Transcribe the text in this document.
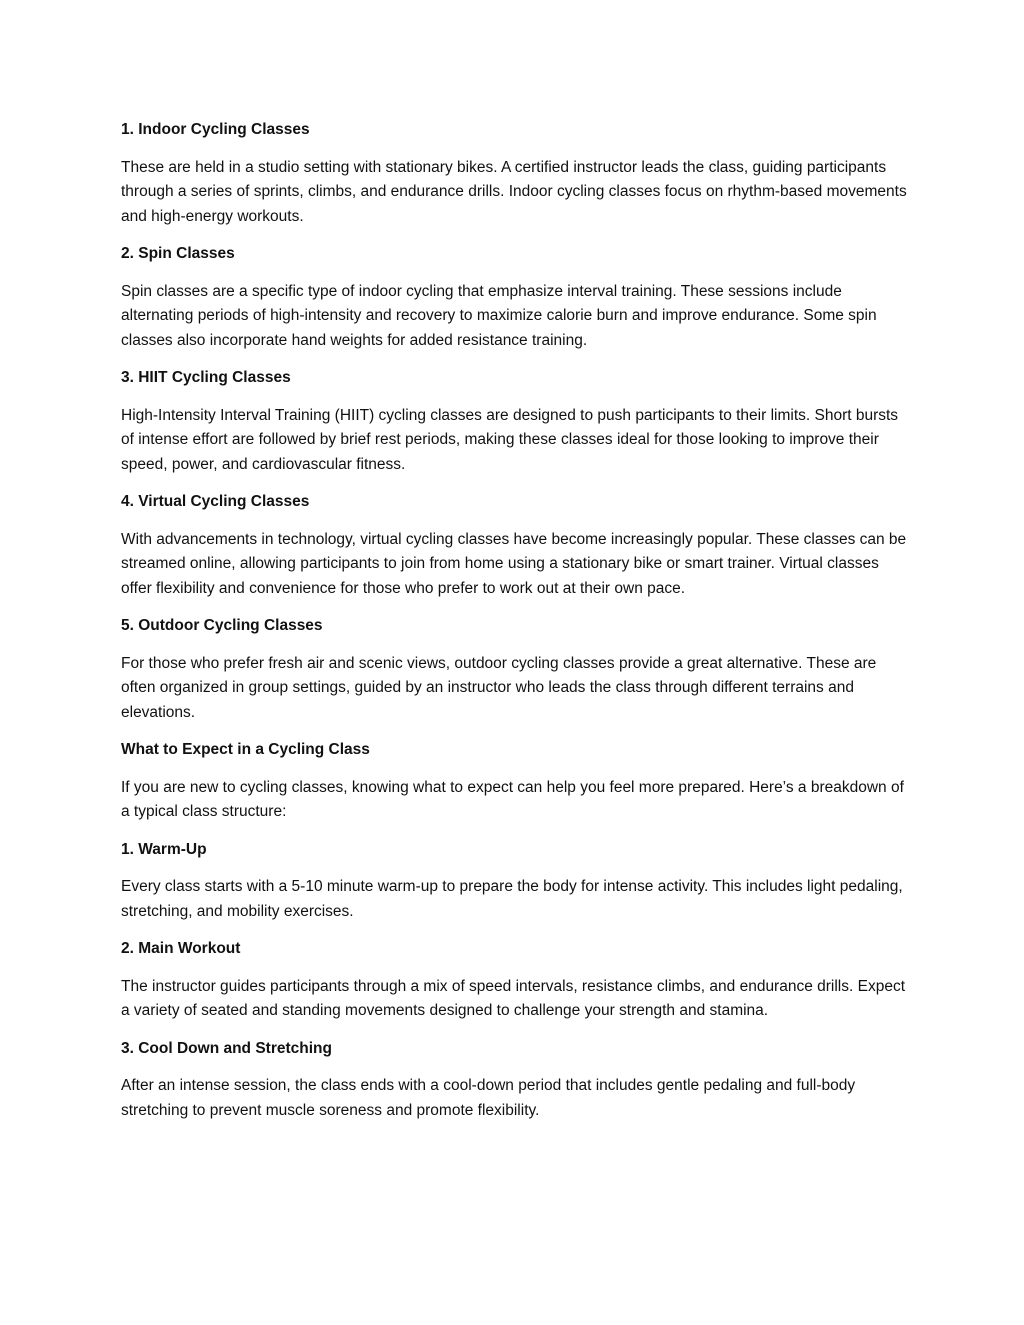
1. Indoor Cycling Classes

These are held in a studio setting with stationary bikes. A certified instructor leads the class, guiding participants through a series of sprints, climbs, and endurance drills. Indoor cycling classes focus on rhythm-based movements and high-energy workouts.

2. Spin Classes

Spin classes are a specific type of indoor cycling that emphasize interval training. These sessions include alternating periods of high-intensity and recovery to maximize calorie burn and improve endurance. Some spin classes also incorporate hand weights for added resistance training.

3. HIIT Cycling Classes

High-Intensity Interval Training (HIIT) cycling classes are designed to push participants to their limits. Short bursts of intense effort are followed by brief rest periods, making these classes ideal for those looking to improve their speed, power, and cardiovascular fitness.

4. Virtual Cycling Classes

With advancements in technology, virtual cycling classes have become increasingly popular. These classes can be streamed online, allowing participants to join from home using a stationary bike or smart trainer. Virtual classes offer flexibility and convenience for those who prefer to work out at their own pace.

5. Outdoor Cycling Classes

For those who prefer fresh air and scenic views, outdoor cycling classes provide a great alternative. These are often organized in group settings, guided by an instructor who leads the class through different terrains and elevations.

What to Expect in a Cycling Class

If you are new to cycling classes, knowing what to expect can help you feel more prepared. Here’s a breakdown of a typical class structure:

1. Warm-Up

Every class starts with a 5-10 minute warm-up to prepare the body for intense activity. This includes light pedaling, stretching, and mobility exercises.

2. Main Workout

The instructor guides participants through a mix of speed intervals, resistance climbs, and endurance drills. Expect a variety of seated and standing movements designed to challenge your strength and stamina.

3. Cool Down and Stretching

After an intense session, the class ends with a cool-down period that includes gentle pedaling and full-body stretching to prevent muscle soreness and promote flexibility.
